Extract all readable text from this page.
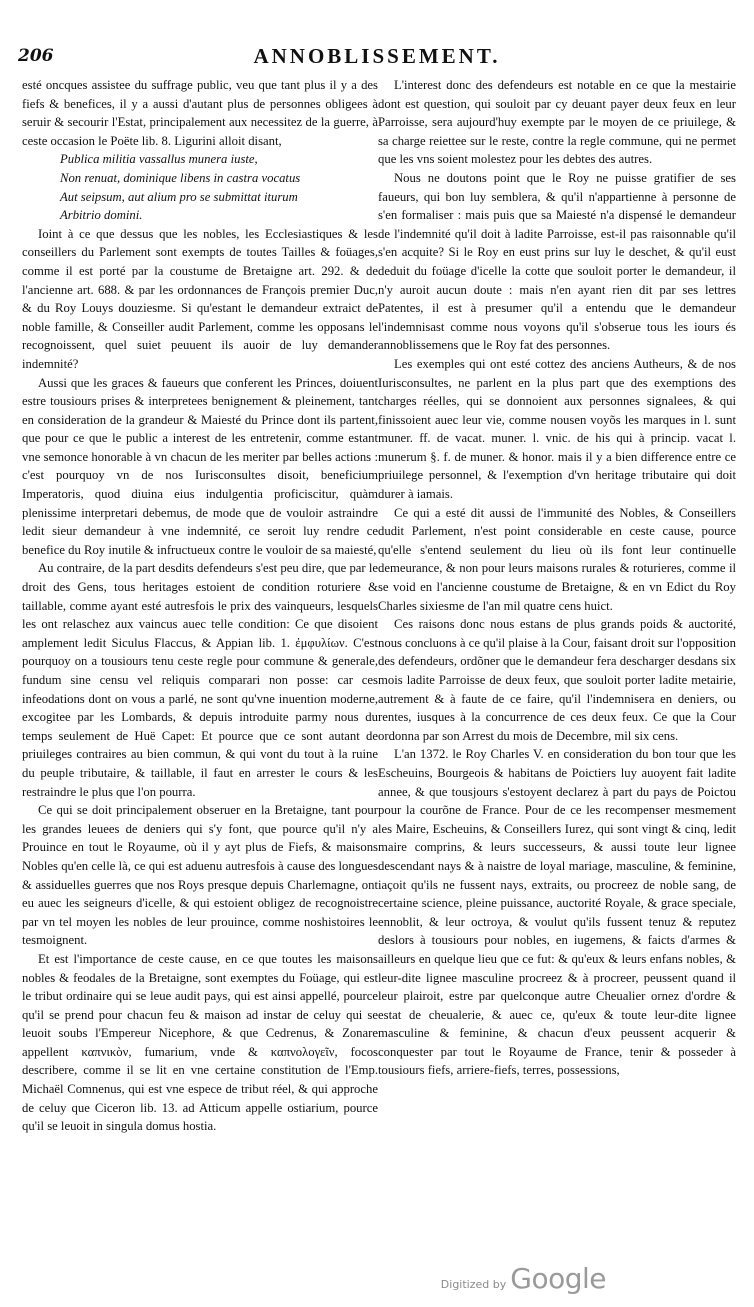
206	ANNOBLISSEMENT.

esté oncques assistee du suffrage public, veu que tant plus il y a des fiefs & benefices, il y a aussi d'autant plus de personnes obligees à seruir & secourir l'Estat, principalement aux necessitez de la guerre, à ceste occasion le Poëte lib. 8. Ligurini alloit disant,

Publica militia vassallus munera iuste,
Non renuat, dominique libens in castra vocatus
Aut seipsum, aut alium pro se submittat iturum
Arbitrio domini.

Ioint à ce que dessus que les nobles, les Ecclesiastiques & les conseillers du Parlement sont exempts de toutes Tailles & foüages, comme il est porté par la coustume de Bretaigne art. 292. & de l'ancienne art. 688. & par les ordonnances de François premier Duc, & du Roy Louys douziesme. Si qu'estant le demandeur extraict de noble famille, & Conseiller audit Parlement, comme les opposans le recognoissent, quel suiet peuuent ils auoir de luy demander indemnité?

Aussi que les graces & faueurs que conferent les Princes, doiuent estre tousiours prises & interpretees benignement & pleinement, tant en consideration de la grandeur & Maiesté du Prince dont ils partent, que pour ce que le public a interest de les entretenir, comme estant vne semonce honorable à vn chacun de les meriter par belles actions : c'est pourquoy vn de nos Iurisconsultes disoit, beneficium Imperatoris, quod diuina eius indulgentia proficiscitur, quàm plenissime interpretari debemus, de mode que de vouloir astraindre ledit sieur demandeur à vne indemnité, ce seroit luy rendre ce benefice du Roy inutile & infructueux contre le vouloir de sa maiesté,

Au contraire, de la part desdits defendeurs s'est peu dire, que par le droit des Gens, tous heritages estoient de condition roturiere & taillable, comme ayant esté autresfois le prix des vainqueurs, lesquels les ont relaschez aux vaincus auec telle condition: Ce que disoient amplement ledit Siculus Flaccus, & Appian lib. 1. ἐμφυλίων. C'est pourquoy on a tousiours tenu ceste regle pour commune & generale, fundum sine censu vel reliquis comparari non posse: car ces infeodations dont on vous a parlé, ne sont qu'vne inuention moderne, excogitee par les Lombards, & depuis introduite parmy nous du temps seulement de Huë Capet: Et pource que ce sont autant de priuileges contraires au bien commun, & qui vont du tout à la ruine du peuple tributaire, & taillable, il faut en arrester le cours & les restraindre le plus que l'on pourra.

Ce qui se doit principalement obseruer en la Bretaigne, tant pour les grandes leuees de deniers qui s'y font, que pource qu'il n'y a Prouince en tout le Royaume, où il y ayt plus de Fiefs, & maisons Nobles qu'en celle là, ce qui est aduenu autresfois à cause des longues & assiduelles guerres que nos Roys presque depuis Charlemagne, ont eu auec les seigneurs d'icelle, & qui estoient obligez de recognoistre par vn tel moyen les nobles de leur prouince, comme noshistoires le tesmoignent.

Et est l'importance de ceste cause, en ce que toutes les maisons nobles & feodales de la Bretaigne, sont exemptes du Foüage, qui est le tribut ordinaire qui se leue audit pays, qui est ainsi appellé, pource qu'il se prend pour chacun feu & maison ad instar de celuy qui se leuoit soubs l'Empereur Nicephore, & que Cedrenus, & Zonare appellent καπνικὸν, fumarium, vnde & καπνολογεῖν, focos describere, comme il se lit en vne certaine constitution de l'Emp. Michaël Comnenus, qui est vne espece de tribut réel, & qui approche de celuy que Ciceron lib. 13. ad Atticum appelle ostiarium, pource qu'il se leuoit in singula domus hostia.

L'interest donc des defendeurs est notable en ce que la mestairie dont est question, qui souloit par cy deuant payer deux feux en leur Parroisse, sera aujourd'huy exempte par le moyen de ce priuilege, & sa charge reiettee sur le reste, contre la regle commune, qui ne permet que les vns soient molestez pour les debtes des autres.

Nous ne doutons point que le Roy ne puisse gratifier de ses faueurs, qui bon luy semblera, & qu'il n'appartienne à personne de s'en formaliser : mais puis que sa Maiesté n'a dispensé le demandeur de l'indemnité qu'il doit à ladite Parroisse, est-il pas raisonnable qu'il s'en acquite? Si le Roy en eust prins sur luy le deschet, & qu'il eust deduit du foüage d'icelle la cotte que souloit porter le demandeur, il n'y auroit aucun doute : mais n'en ayant rien dit par ses lettres Patentes, il est à presumer qu'il a entendu que le demandeur l'indemnisast comme nous voyons qu'il s'obserue tous les iours és annoblissemens que le Roy fat des personnes.

Les exemples qui ont esté cottez des anciens Autheurs, & de nos Iurisconsultes, ne parlent en la plus part que des exemptions des charges réelles, qui se donnoient aux personnes signalees, & qui finissoient auec leur vie, comme nousen voyõs les marques in l. sunt muner. ff. de vacat. muner. l. vnic. de his qui à princip. vacat l. munerum §. f. de muner. & honor. mais il y a bien difference entre ce priuilege personnel, & l'exemption d'vn heritage tributaire qui doit durer à iamais.

Ce qui a esté dit aussi de l'immunité des Nobles, & Conseillers dudit Parlement, n'est point considerable en ceste cause, pource qu'elle s'entend seulement du lieu où ils font leur continuelle demeurance, & non pour leurs maisons rurales & roturieres, comme il se void en l'ancienne coustume de Bretaigne, & en vn Edict du Roy Charles sixiesme de l'an mil quatre cens huict.

Ces raisons donc nous estans de plus grands poids & auctorité, nous concluons à ce qu'il plaise à la Cour, faisant droit sur l'opposition des defendeurs, ordõner que le demandeur fera descharger desdans six mois ladite Parroisse de deux feux, que souloit porter ladite metairie, autrement & à faute de ce faire, qu'il l'indemnisera en deniers, ou rentes, iusques à la concurrence de ces deux feux. Ce que la Cour ordonna par son Arrest du mois de Decembre, mil six cens.

L'an 1372. le Roy Charles V. en consideration du bon tour que les Escheuins, Bourgeois & habitans de Poictiers luy auoyent fait ladite annee, & que tousjours s'estoyent declarez à part du pays de Poictou pour la courõne de France. Pour de ce les recompenser mesmement les Maire, Escheuins, & Conseillers Iurez, qui sont vingt & cinq, ledit maire comprins, & leurs successeurs, & aussi toute leur lignee descendant nays & à naistre de loyal mariage, masculine, & feminine, iaçoit qu'ils ne fussent nays, extraits, ou procreez de noble sang, de certaine science, pleine puissance, auctorité Royale, & grace speciale, ennoblit, & leur octroya, & voulut qu'ils fussent tenuz & reputez deslors à tousiours pour nobles, en iugemens, & faicts d'armes & ailleurs en quelque lieu que ce fut: & qu'eux & leurs enfans nobles, & leur-dite lignee masculine procreez & à procreer, peussent quand il leur plairoit, estre par quelconque autre Cheualier ornez d'ordre & estat de cheualerie, & auec ce, qu'eux & toute leur-dite lignee masculine & feminine, & chacun d'eux peussent acquerir & conquester par tout le Royaume de France, tenir & posseder à tousiours fiefs, arriere-fiefs, terres, possessions,

Digitized by Google
